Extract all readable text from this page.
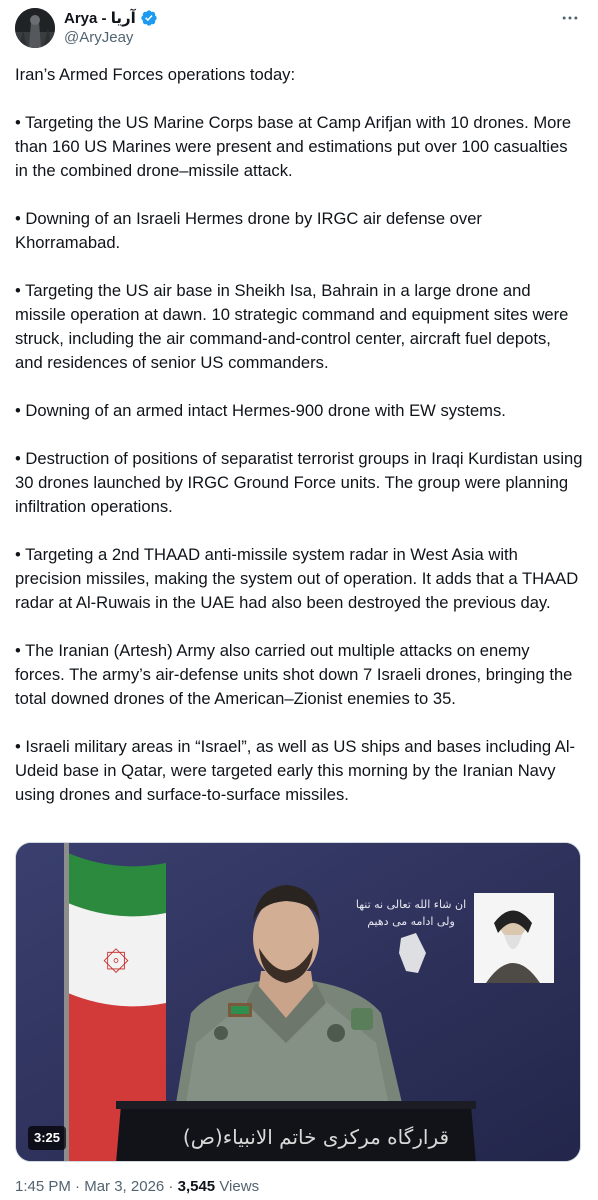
Arya - آریا
@AryJeay

Iran’s Armed Forces operations today:

• Targeting the US Marine Corps base at Camp Arifjan with 10 drones. More than 160 US Marines were present and estimations put over 100 casualties in the combined drone–missile attack.

• Downing of an Israeli Hermes drone by IRGC air defense over Khorramabad.

• Targeting the US air base in Sheikh Isa, Bahrain in a large drone and missile operation at dawn. 10 strategic command and equipment sites were struck, including the air command-and-control center, aircraft fuel depots, and residences of senior US commanders.

• Downing of an armed intact Hermes-900 drone with EW systems.

• Destruction of positions of separatist terrorist groups in Iraqi Kurdistan using 30 drones launched by IRGC Ground Force units. The group were planning infiltration operations.

• Targeting a 2nd THAAD anti-missile system radar in West Asia with precision missiles, making the system out of operation. It adds that a THAAD radar at Al-Ruwais in the UAE had also been destroyed the previous day.

• The Iranian (Artesh) Army also carried out multiple attacks on enemy forces. The army’s air-defense units shot down 7 Israeli drones, bringing the total downed drones of the American–Zionist enemies to 35.

• Israeli military areas in “Israel”, as well as US ships and bases including Al-Udeid base in Qatar, were targeted early this morning by the Iranian Navy using drones and surface-to-surface missiles.

۞
ان شاء الله تعالی نه تنها
ولی ادامه می دهیم
قرارگاه مرکزی خاتم الانبیاء(ص)
3:25
1:45 PM · Mar 3, 2026 · 3,545 Views
